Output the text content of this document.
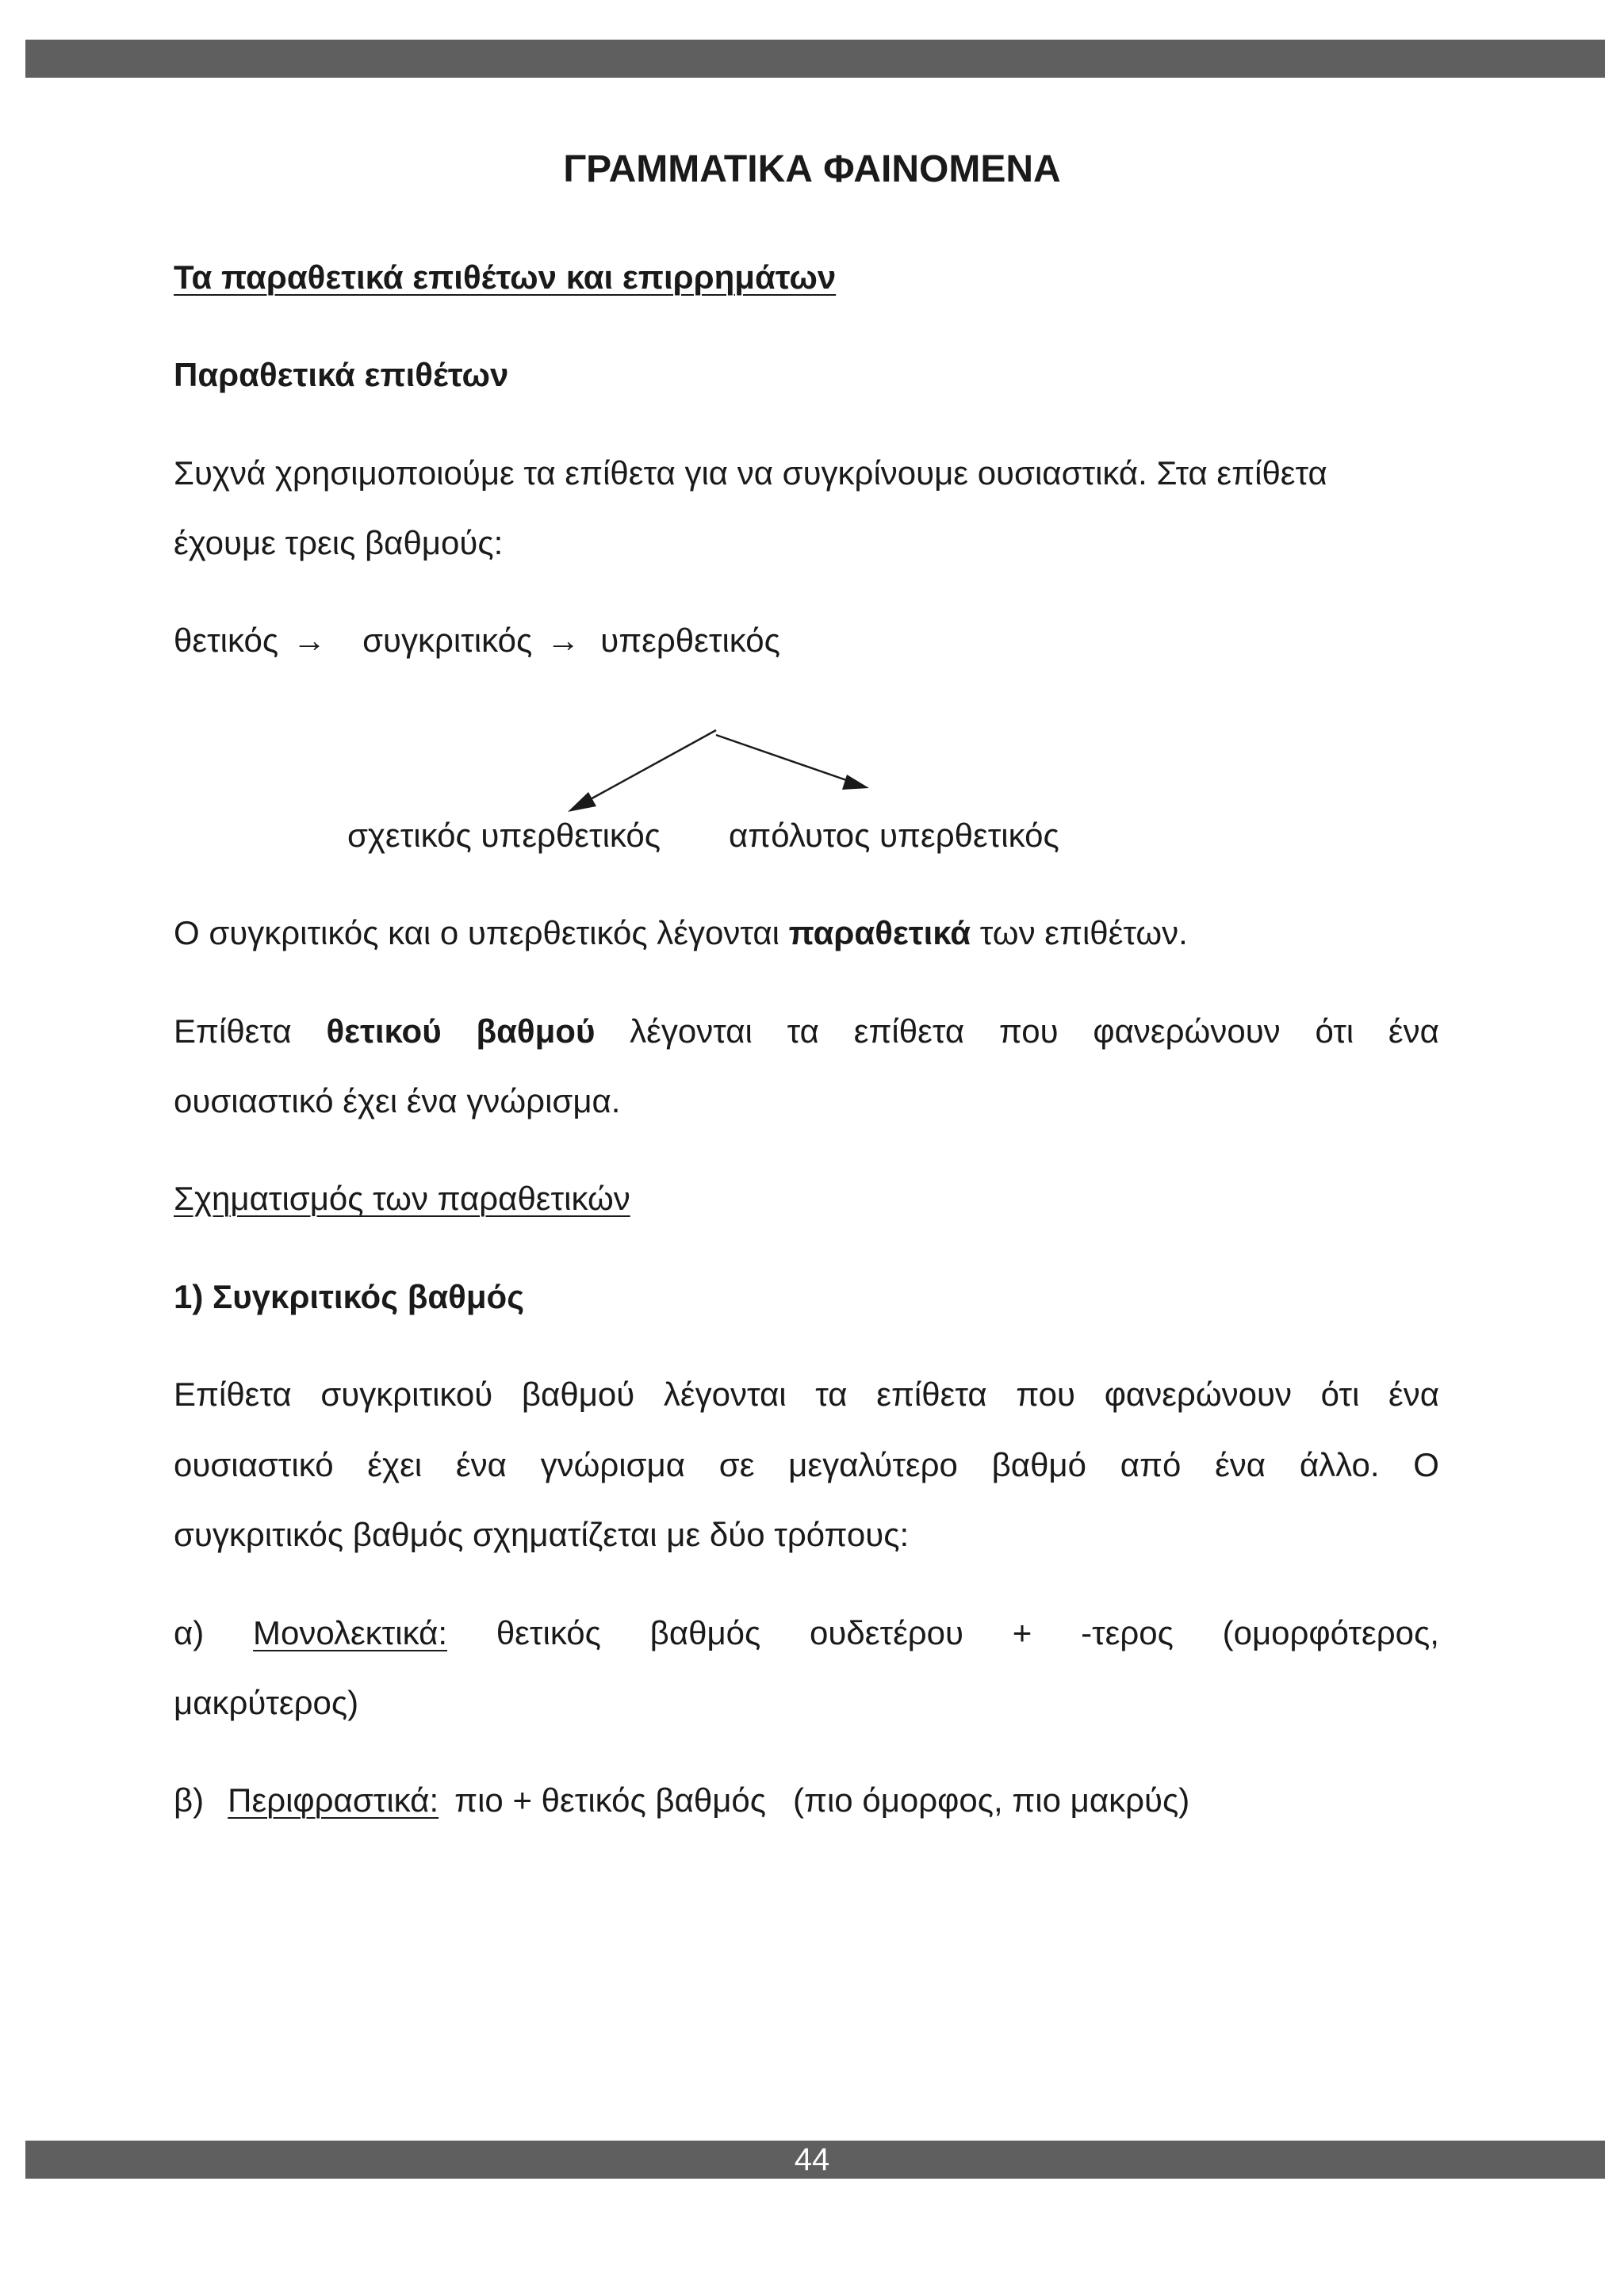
ΓΡΑΜΜΑΤΙΚΑ ΦΑΙΝΟΜΕΝΑ
Τα παραθετικά επιθέτων και επιρρημάτων
Παραθετικά επιθέτων
Συχνά χρησιμοποιούμε τα επίθετα για να συγκρίνουμε ουσιαστικά. Στα επίθετα
έχουμε τρεις βαθμούς:
θετικός → συγκριτικός → υπερθετικός
σχετικός υπερθετικός απόλυτος υπερθετικός
Ο συγκριτικός και ο υπερθετικός λέγονται παραθετικά των επιθέτων.
Επίθετα θετικού βαθμού λέγονται τα επίθετα που φανερώνουν ότι ένα
ουσιαστικό έχει ένα γνώρισμα.
Σχηματισμός των παραθετικών
1) Συγκριτικός βαθμός
Επίθετα συγκριτικού βαθμού λέγονται τα επίθετα που φανερώνουν ότι ένα
ουσιαστικό έχει ένα γνώρισμα σε μεγαλύτερο βαθμό από ένα άλλο. Ο
συγκριτικός βαθμός σχηματίζεται με δύο τρόπους:
α) Μονολεκτικά: θετικός βαθμός ουδετέρου + -τερος (ομορφότερος,
μακρύτερος)
β) Περιφραστικά: πιο + θετικός βαθμός (πιο όμορφος, πιο μακρύς)
44
